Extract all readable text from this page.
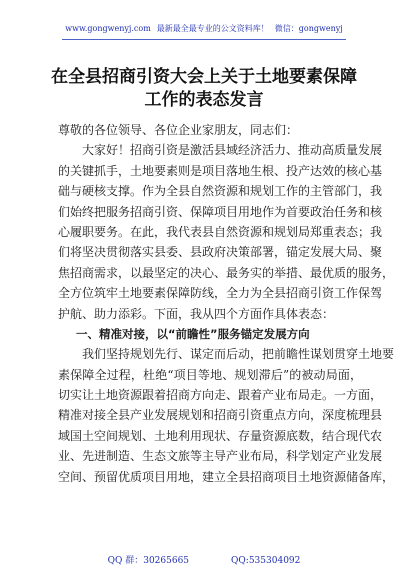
www.gongwenyj.com 最新最全最专业的公文资料库！ 微信：gongwenyj
在全县招商引资大会上关于土地要素保障
工作的表态发言
尊敬的各位领导、各位企业家朋友，同志们：
大家好！招商引资是激活县域经济活力、推动高质量发展
的关键抓手，土地要素则是项目落地生根、投产达效的核心基
础与硬核支撑。作为全县自然资源和规划工作的主管部门，我
们始终把服务招商引资、保障项目用地作为首要政治任务和核
心履职要务。在此，我代表县自然资源和规划局郑重表态；我
们将坚决贯彻落实县委、县政府决策部署，锚定发展大局、聚
焦招商需求，以最坚定的决心、最务实的举措、最优质的服务，
全方位筑牢土地要素保障防线，全力为全县招商引资工作保驾
护航、助力添彩。下面，我从四个方面作具体表态：
一、精准对接，以“前瞻性”服务锚定发展方向
我们坚持规划先行、谋定而后动，把前瞻性谋划贯穿土地要
素保障全过程，杜绝“项目等地、规划滞后”的被动局面，
切实让土地资源跟着招商方向走、跟着产业布局走。一方面，
精准对接全县产业发展规划和招商引资重点方向，深度梳理县
域国土空间规划、土地利用现状、存量资源底数，结合现代农
业、先进制造、生态文旅等主导产业布局，科学划定产业发展
空间、预留优质项目用地，建立全县招商项目土地资源储备库，
QQ 群：30265665	QQ:535304092
